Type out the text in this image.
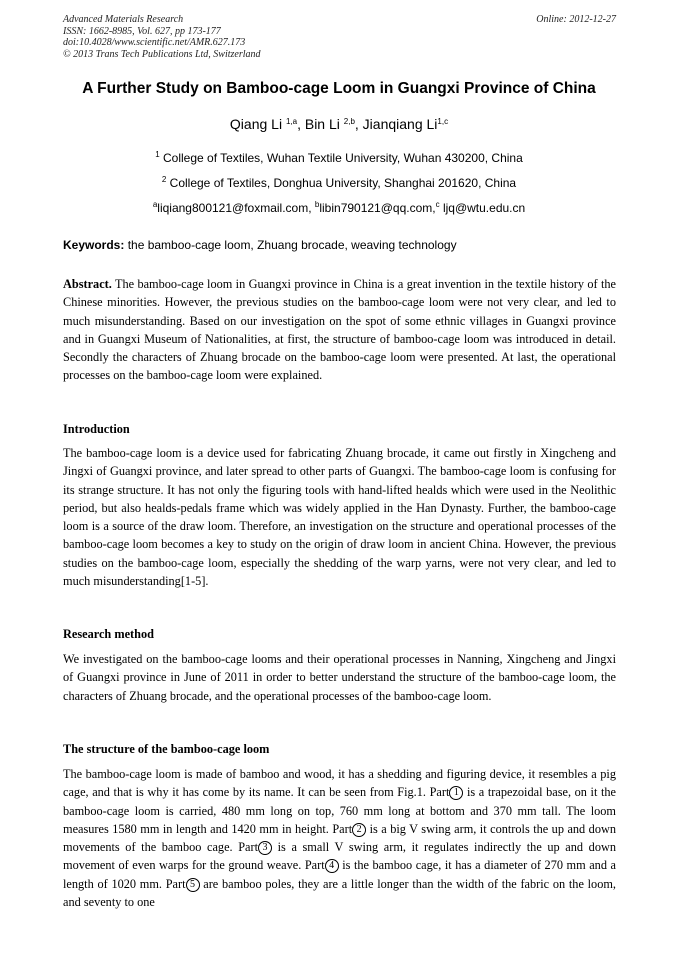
Advanced Materials Research
ISSN: 1662-8985, Vol. 627, pp 173-177
doi:10.4028/www.scientific.net/AMR.627.173
© 2013 Trans Tech Publications Ltd, Switzerland
Online: 2012-12-27
A Further Study on Bamboo-cage Loom in Guangxi Province of China
Qiang Li $^{1,a}$, Bin Li $^{2,b}$, Jianqiang Li$^{1,c}$
$^1$ College of Textiles, Wuhan Textile University, Wuhan 430200, China
$^2$ College of Textiles, Donghua University, Shanghai 201620, China
$^a$liqiang800121@foxmail.com, $^b$libin790121@qq.com,$^c$ ljq@wtu.edu.cn
Keywords: the bamboo-cage loom, Zhuang brocade, weaving technology
Abstract. The bamboo-cage loom in Guangxi province in China is a great invention in the textile history of the Chinese minorities. However, the previous studies on the bamboo-cage loom were not very clear, and led to much misunderstanding. Based on our investigation on the spot of some ethnic villages in Guangxi province and in Guangxi Museum of Nationalities, at first, the structure of bamboo-cage loom was introduced in detail. Secondly the characters of Zhuang brocade on the bamboo-cage loom were presented. At last, the operational processes on the bamboo-cage loom were explained.
Introduction
The bamboo-cage loom is a device used for fabricating Zhuang brocade, it came out firstly in Xingcheng and Jingxi of Guangxi province, and later spread to other parts of Guangxi. The bamboo-cage loom is confusing for its strange structure. It has not only the figuring tools with hand-lifted healds which were used in the Neolithic period, but also healds-pedals frame which was widely applied in the Han Dynasty. Further, the bamboo-cage loom is a source of the draw loom. Therefore, an investigation on the structure and operational processes of the bamboo-cage loom becomes a key to study on the origin of draw loom in ancient China. However, the previous studies on the bamboo-cage loom, especially the shedding of the warp yarns, were not very clear, and led to much misunderstanding[1-5].
Research method
We investigated on the bamboo-cage looms and their operational processes in Nanning, Xingcheng and Jingxi of Guangxi province in June of 2011 in order to better understand the structure of the bamboo-cage loom, the characters of Zhuang brocade, and the operational processes of the bamboo-cage loom.
The structure of the bamboo-cage loom
The bamboo-cage loom is made of bamboo and wood, it has a shedding and figuring device, it resembles a pig cage, and that is why it has come by its name. It can be seen from Fig.1. Part 1 is a trapezoidal base, on it the bamboo-cage loom is carried, 480 mm long on top, 760 mm long at bottom and 370 mm tall. The loom measures 1580 mm in length and 1420 mm in height. Part 2 is a big V swing arm, it controls the up and down movements of the bamboo cage. Part 3 is a small V swing arm, it regulates indirectly the up and down movement of even warps for the ground weave. Part 4 is the bamboo cage, it has a diameter of 270 mm and a length of 1020 mm. Part 5 are bamboo poles, they are a little longer than the width of the fabric on the loom, and seventy to one
